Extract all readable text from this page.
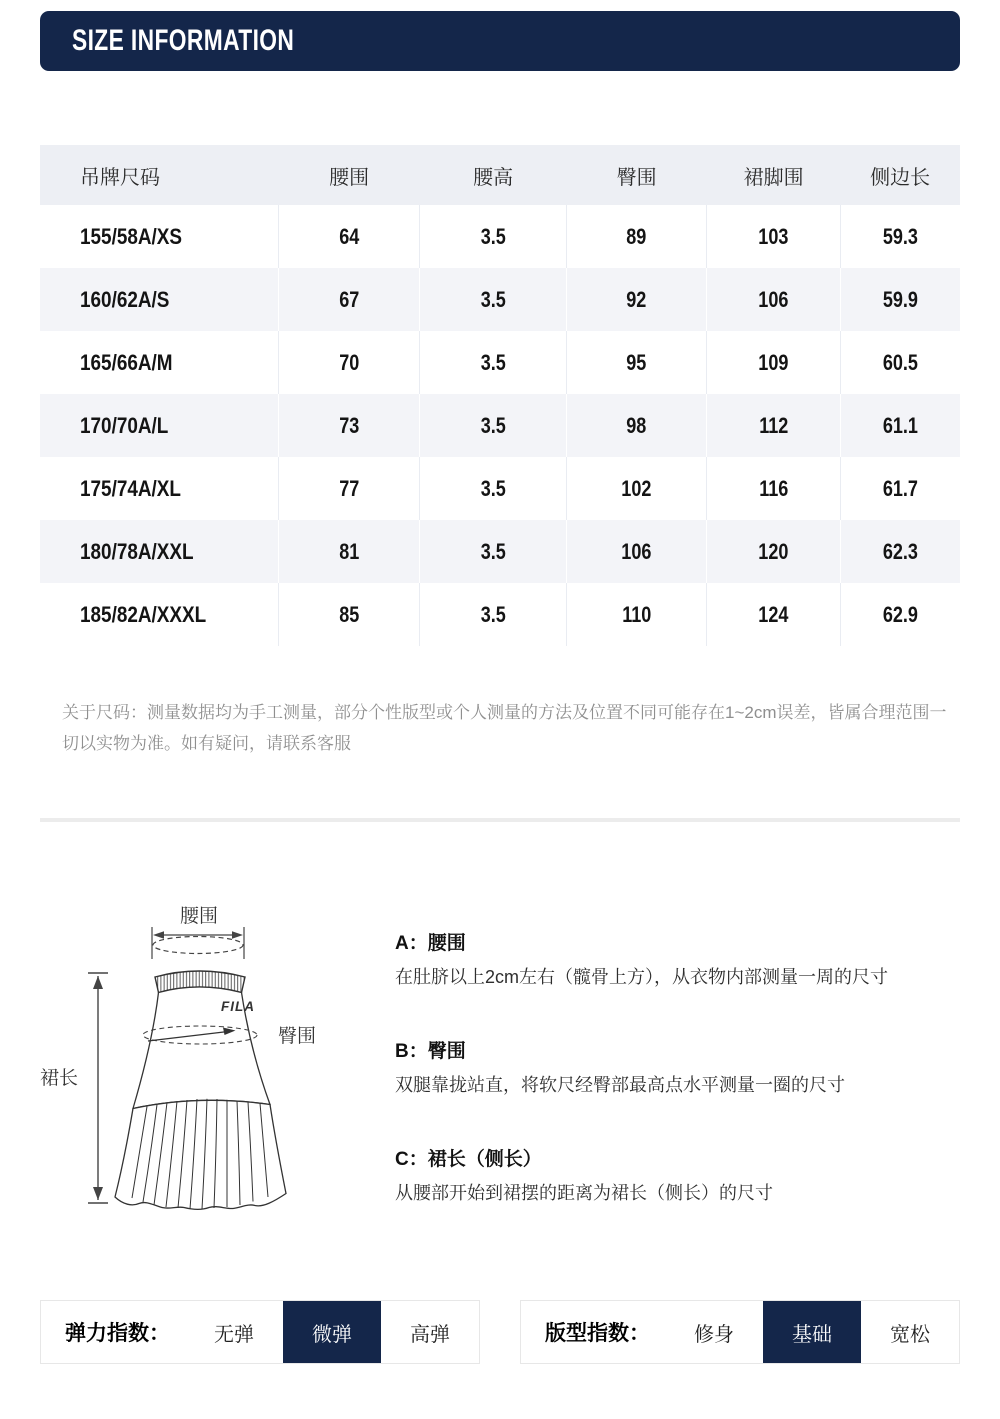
SIZE INFORMATION
吊牌尺码	腰围	腰高	臀围	裙脚围	侧边长
155/58A/XS	64	3.5	89	103	59.3
160/62A/S	67	3.5	92	106	59.9
165/66A/M	70	3.5	95	109	60.5
170/70A/L	73	3.5	98	112	61.1
175/74A/XL	77	3.5	102	116	61.7
180/78A/XXL	81	3.5	106	120	62.3
185/82A/XXXL	85	3.5	110	124	62.9

关于尺码：测量数据均为手工测量，部分个性版型或个人测量的方法及位置不同可能存在1~2cm误差，皆属合理范围一切以实物为准。如有疑问，请联系客服

腰围
FILA
臀围
裙长
A：腰围
在肚脐以上2cm左右（髋骨上方），从衣物内部测量一周的尺寸
B：臀围
双腿靠拢站直，将软尺经臀部最高点水平测量一圈的尺寸
C：裙长（侧长）
从腰部开始到裙摆的距离为裙长（侧长）的尺寸
弹力指数：	无弹	微弹	高弹	版型指数：	修身	基础	宽松
